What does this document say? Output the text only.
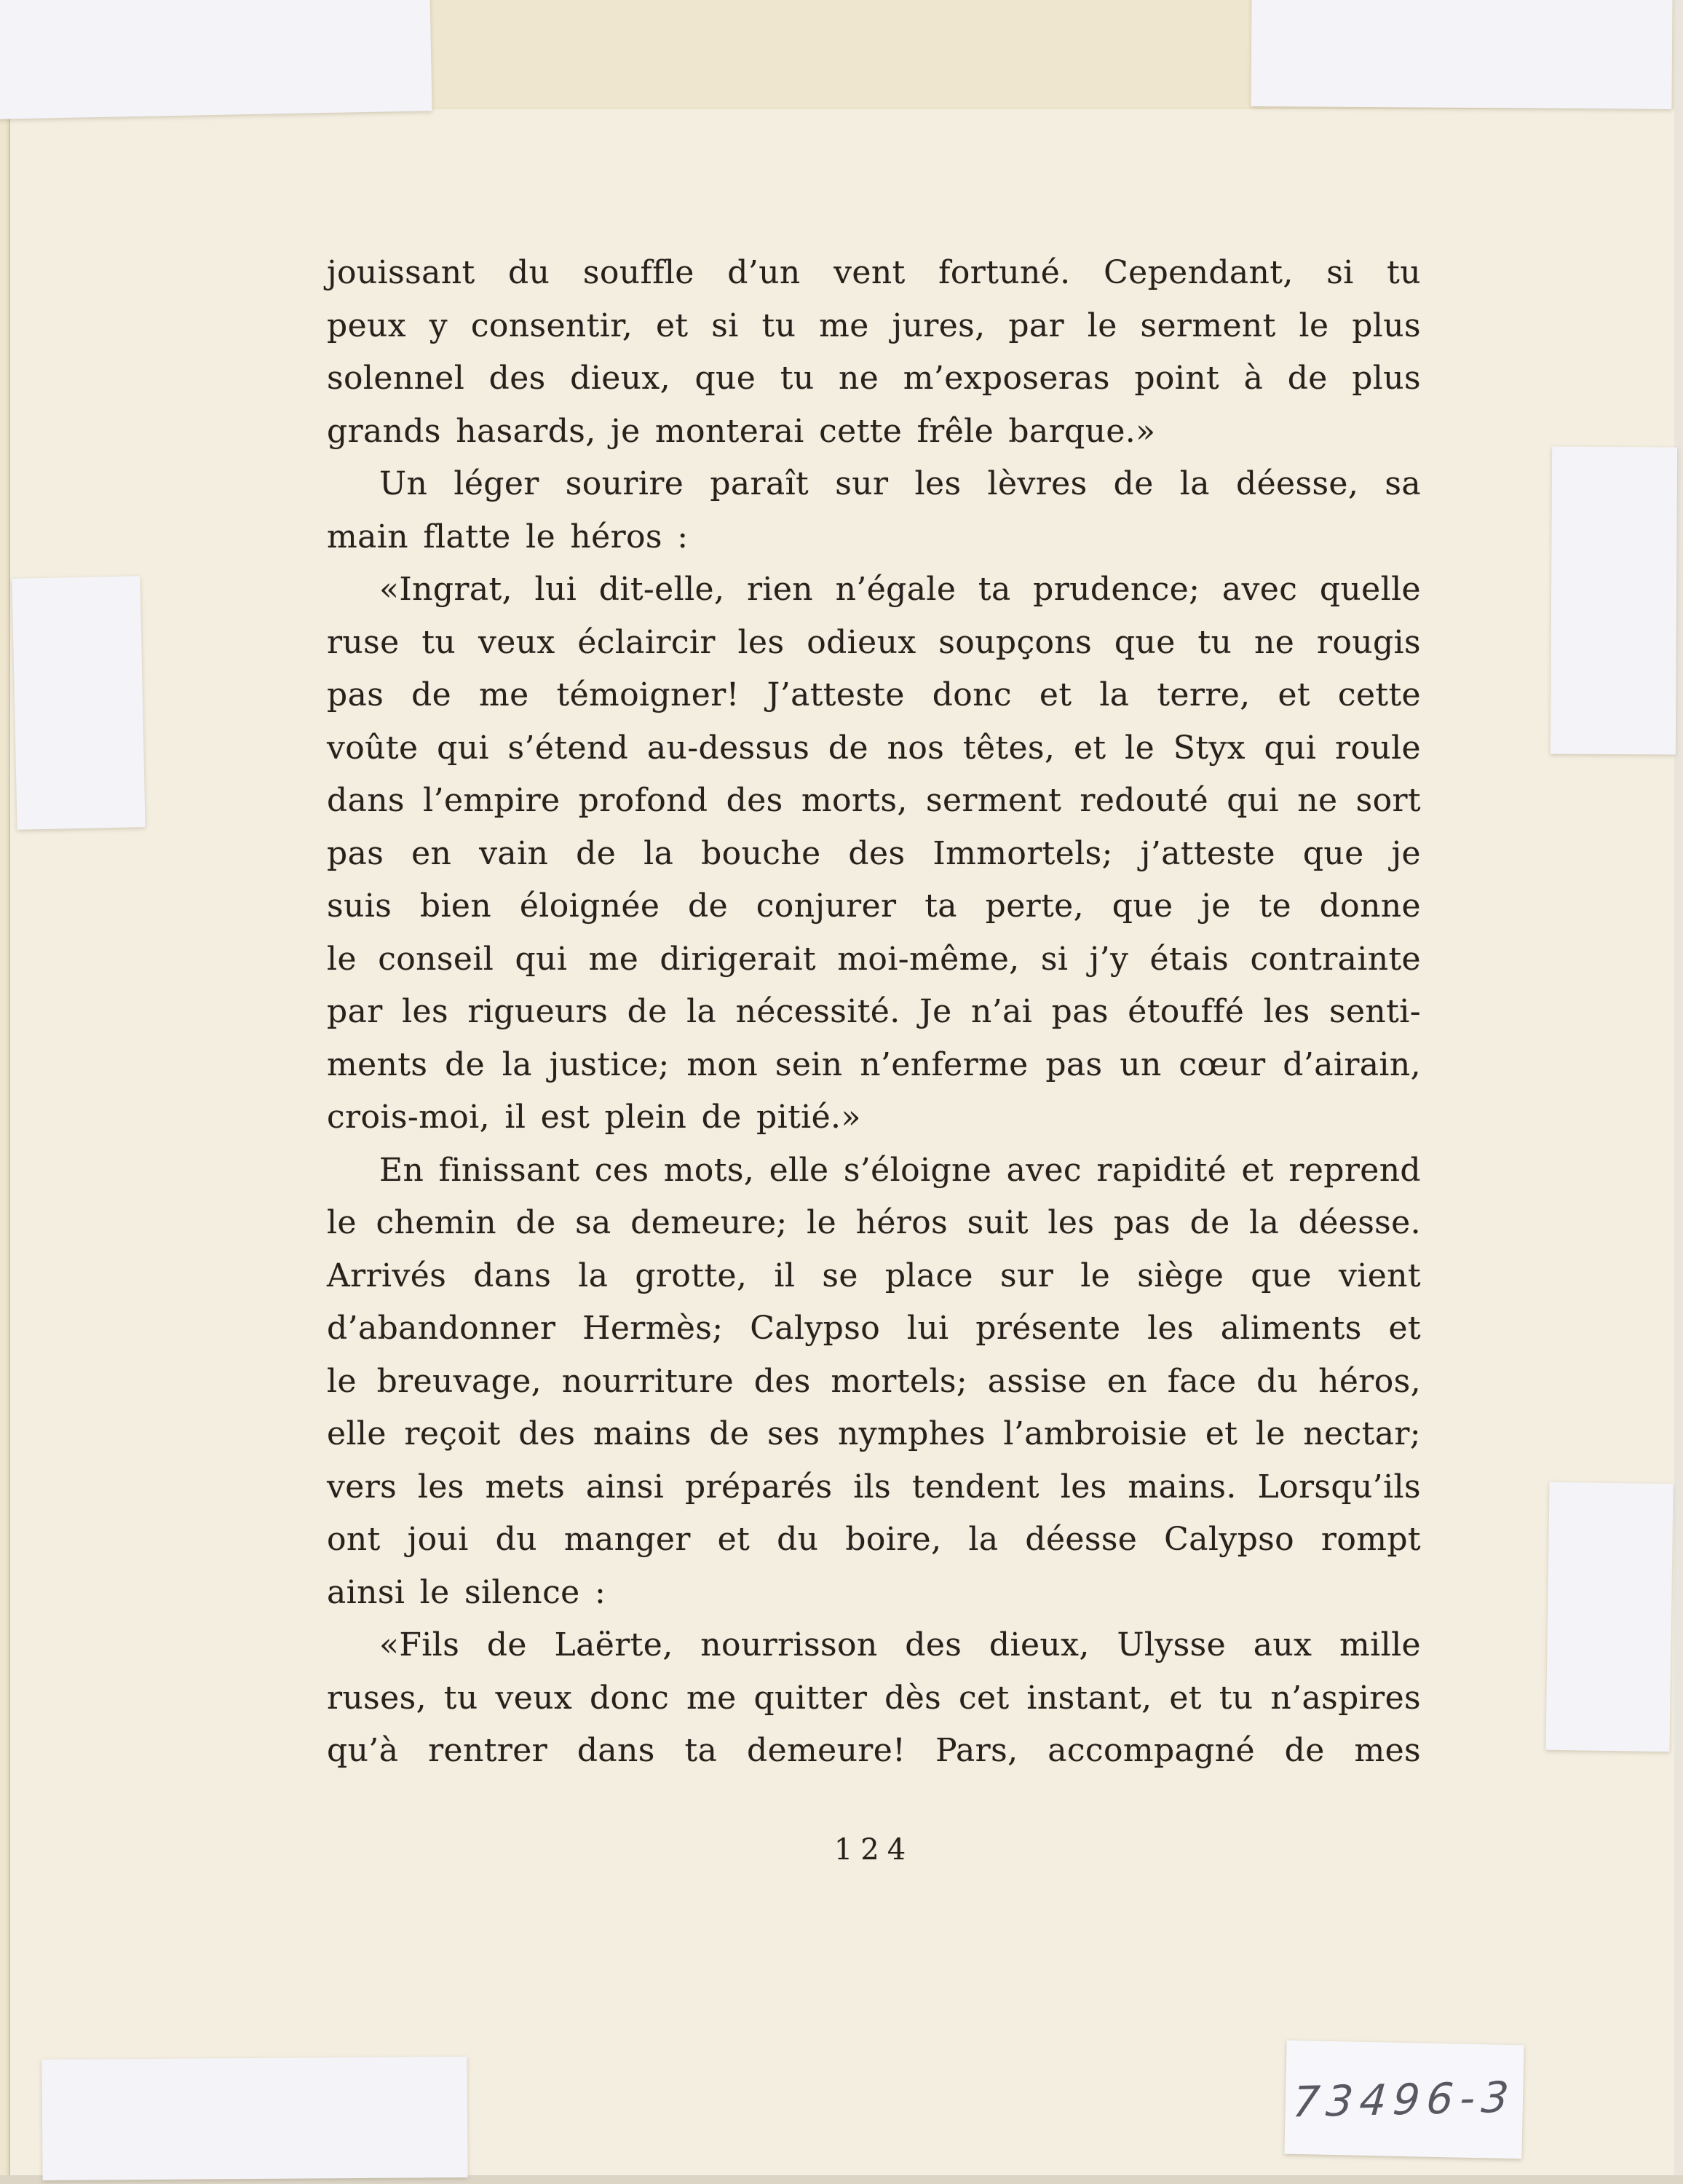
jouissant du souffle d’un vent fortuné. Cependant, si tu
peux y consentir, et si tu me jures, par le serment le plus
solennel des dieux, que tu ne m’exposeras point à de plus
grands hasards, je monterai cette frêle barque.»
Un léger sourire paraît sur les lèvres de la déesse, sa
main flatte le héros :
«Ingrat, lui dit-elle, rien n’égale ta prudence; avec quelle
ruse tu veux éclaircir les odieux soupçons que tu ne rougis
pas de me témoigner! J’atteste donc et la terre, et cette
voûte qui s’étend au-dessus de nos têtes, et le Styx qui roule
dans l’empire profond des morts, serment redouté qui ne sort
pas en vain de la bouche des Immortels; j’atteste que je
suis bien éloignée de conjurer ta perte, que je te donne
le conseil qui me dirigerait moi-même, si j’y étais contrainte
par les rigueurs de la nécessité. Je n’ai pas étouffé les senti-
ments de la justice; mon sein n’enferme pas un cœur d’airain,
crois-moi, il est plein de pitié.»
En finissant ces mots, elle s’éloigne avec rapidité et reprend
le chemin de sa demeure; le héros suit les pas de la déesse.
Arrivés dans la grotte, il se place sur le siège que vient
d’abandonner Hermès; Calypso lui présente les aliments et
le breuvage, nourriture des mortels; assise en face du héros,
elle reçoit des mains de ses nymphes l’ambroisie et le nectar;
vers les mets ainsi préparés ils tendent les mains. Lorsqu’ils
ont joui du manger et du boire, la déesse Calypso rompt
ainsi le silence :
«Fils de Laërte, nourrisson des dieux, Ulysse aux mille
ruses, tu veux donc me quitter dès cet instant, et tu n’aspires
qu’à rentrer dans ta demeure! Pars, accompagné de mes
124
73496-3
